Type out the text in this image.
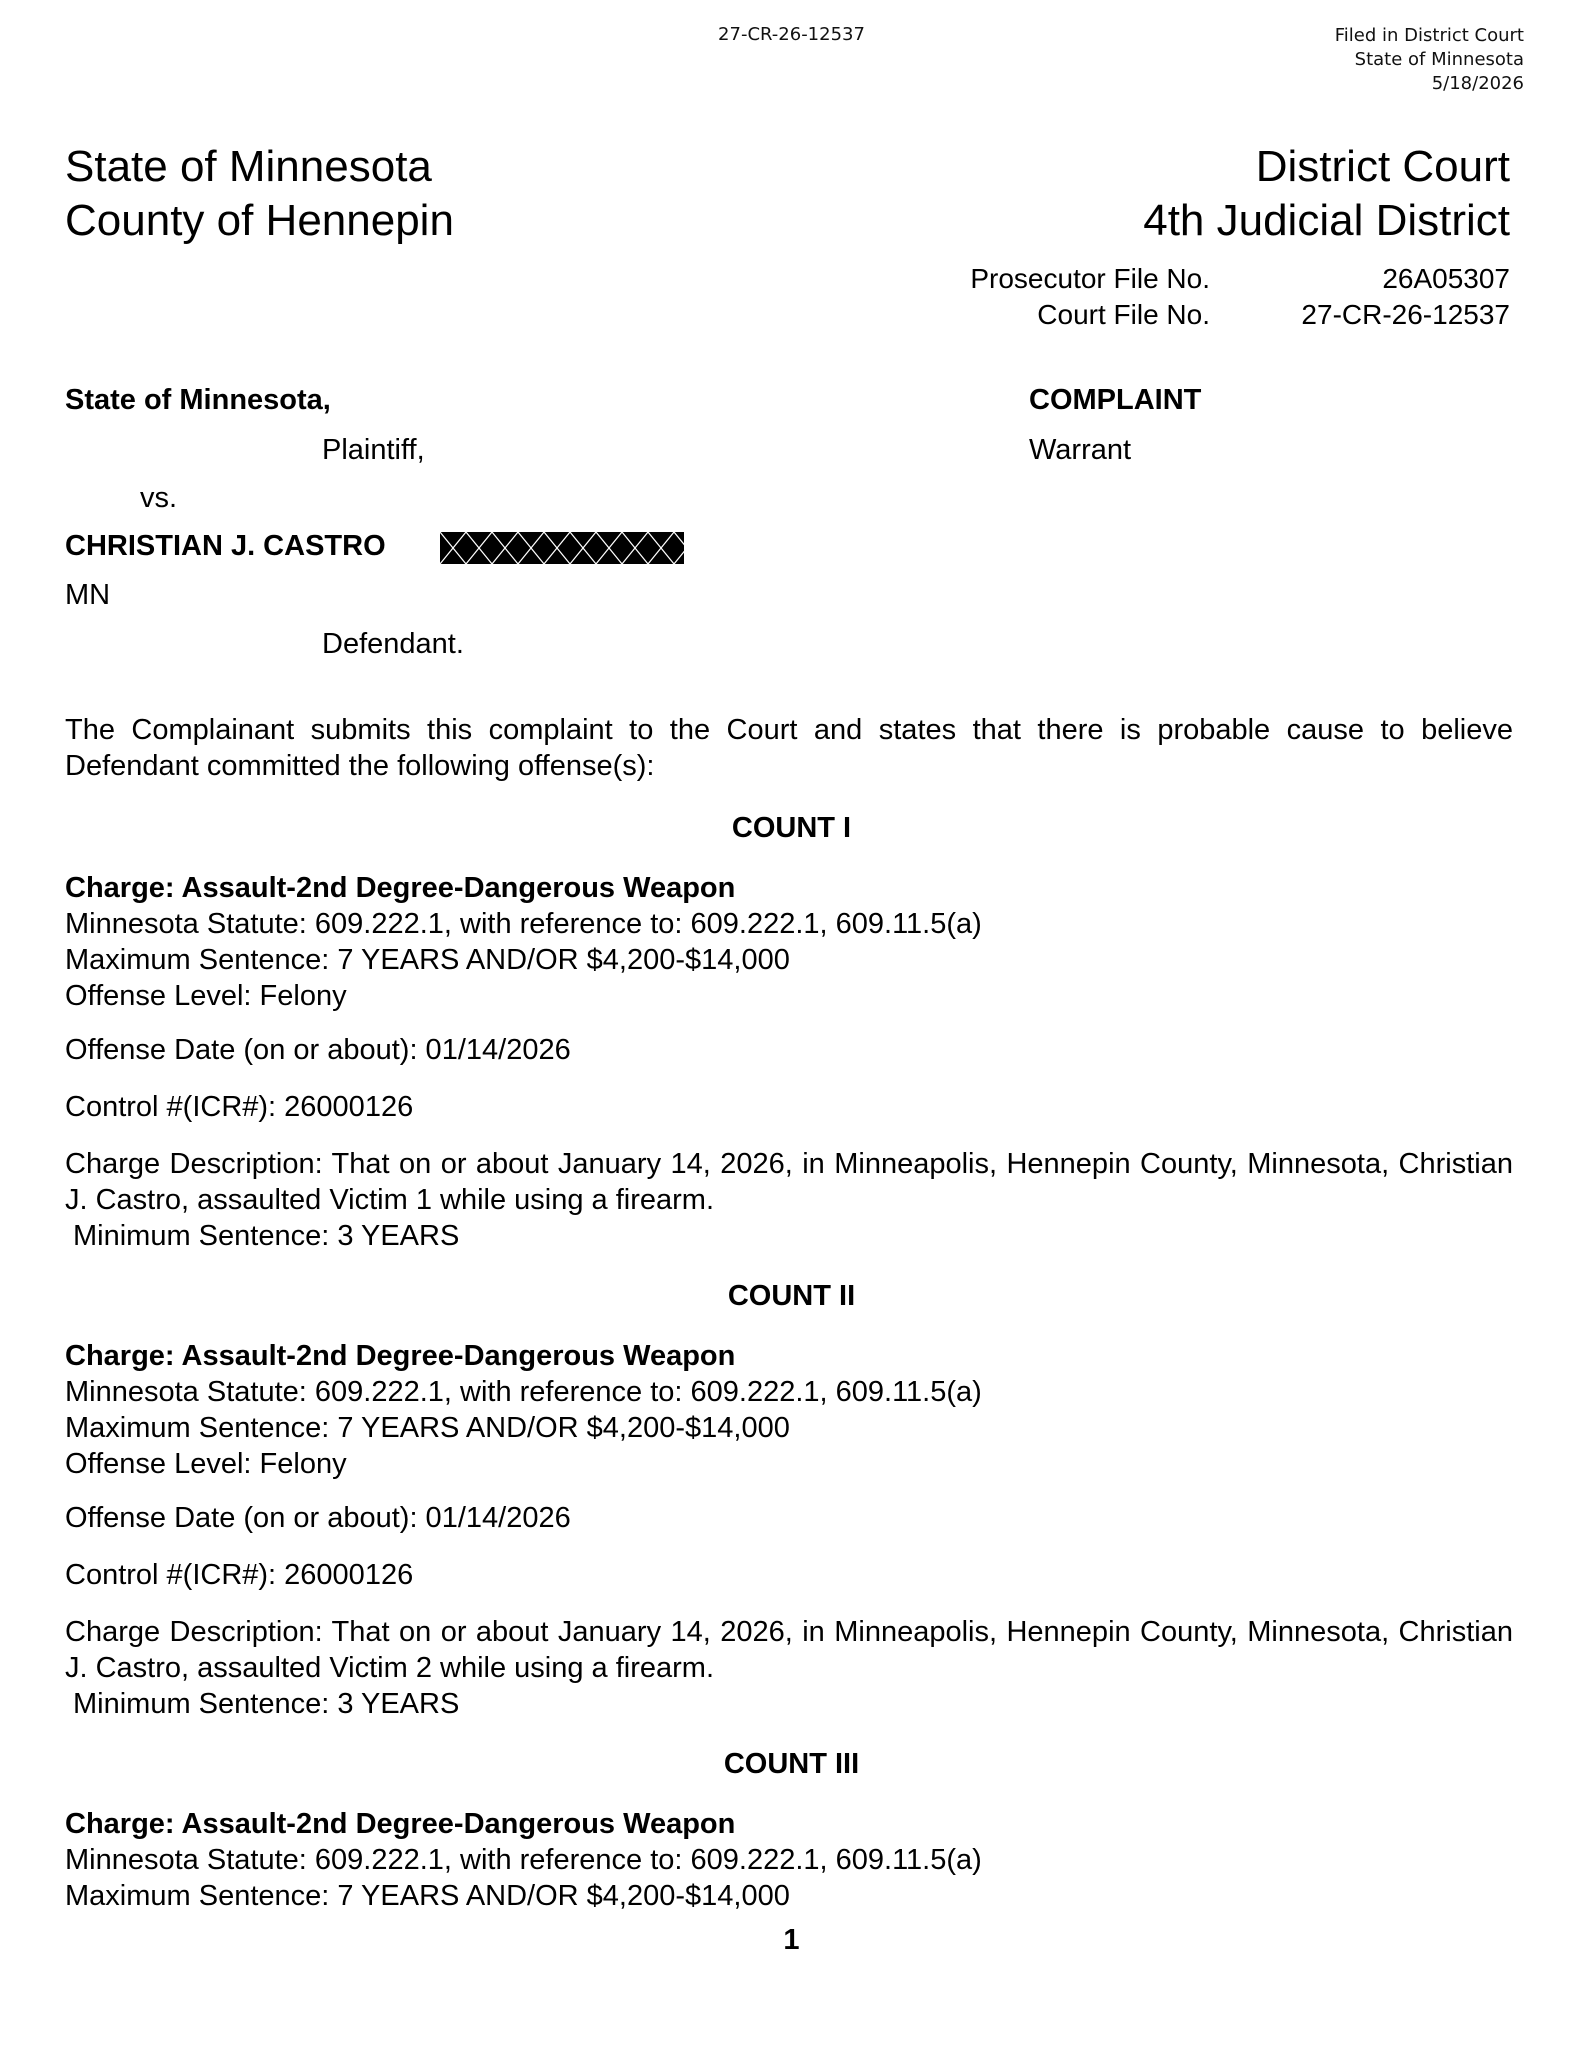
27-CR-26-12537	Filed in District Court
State of Minnesota
5/18/2026
State of Minnesota
County of Hennepin
District Court
4th Judicial District
Prosecutor File No.	26A05307
Court File No.	27-CR-26-12537
State of Minnesota,
Plaintiff,
vs.
CHRISTIAN J. CASTRO
MN
Defendant.
COMPLAINT
Warrant
The Complainant submits this complaint to the Court and states that there is probable cause to believe Defendant committed the following offense(s):
COUNT I
Charge: Assault-2nd Degree-Dangerous Weapon
Minnesota Statute: 609.222.1, with reference to: 609.222.1, 609.11.5(a)
Maximum Sentence: 7 YEARS AND/OR $4,200-$14,000
Offense Level: Felony
Offense Date (on or about): 01/14/2026
Control #(ICR#): 26000126
Charge Description: That on or about January 14, 2026, in Minneapolis, Hennepin County, Minnesota, Christian J. Castro, assaulted Victim 1 while using a firearm.
Minimum Sentence: 3 YEARS
COUNT II
Charge: Assault-2nd Degree-Dangerous Weapon
Minnesota Statute: 609.222.1, with reference to: 609.222.1, 609.11.5(a)
Maximum Sentence: 7 YEARS AND/OR $4,200-$14,000
Offense Level: Felony
Offense Date (on or about): 01/14/2026
Control #(ICR#): 26000126
Charge Description: That on or about January 14, 2026, in Minneapolis, Hennepin County, Minnesota, Christian J. Castro, assaulted Victim 2 while using a firearm.
Minimum Sentence: 3 YEARS
COUNT III
Charge: Assault-2nd Degree-Dangerous Weapon
Minnesota Statute: 609.222.1, with reference to: 609.222.1, 609.11.5(a)
Maximum Sentence: 7 YEARS AND/OR $4,200-$14,000
1
